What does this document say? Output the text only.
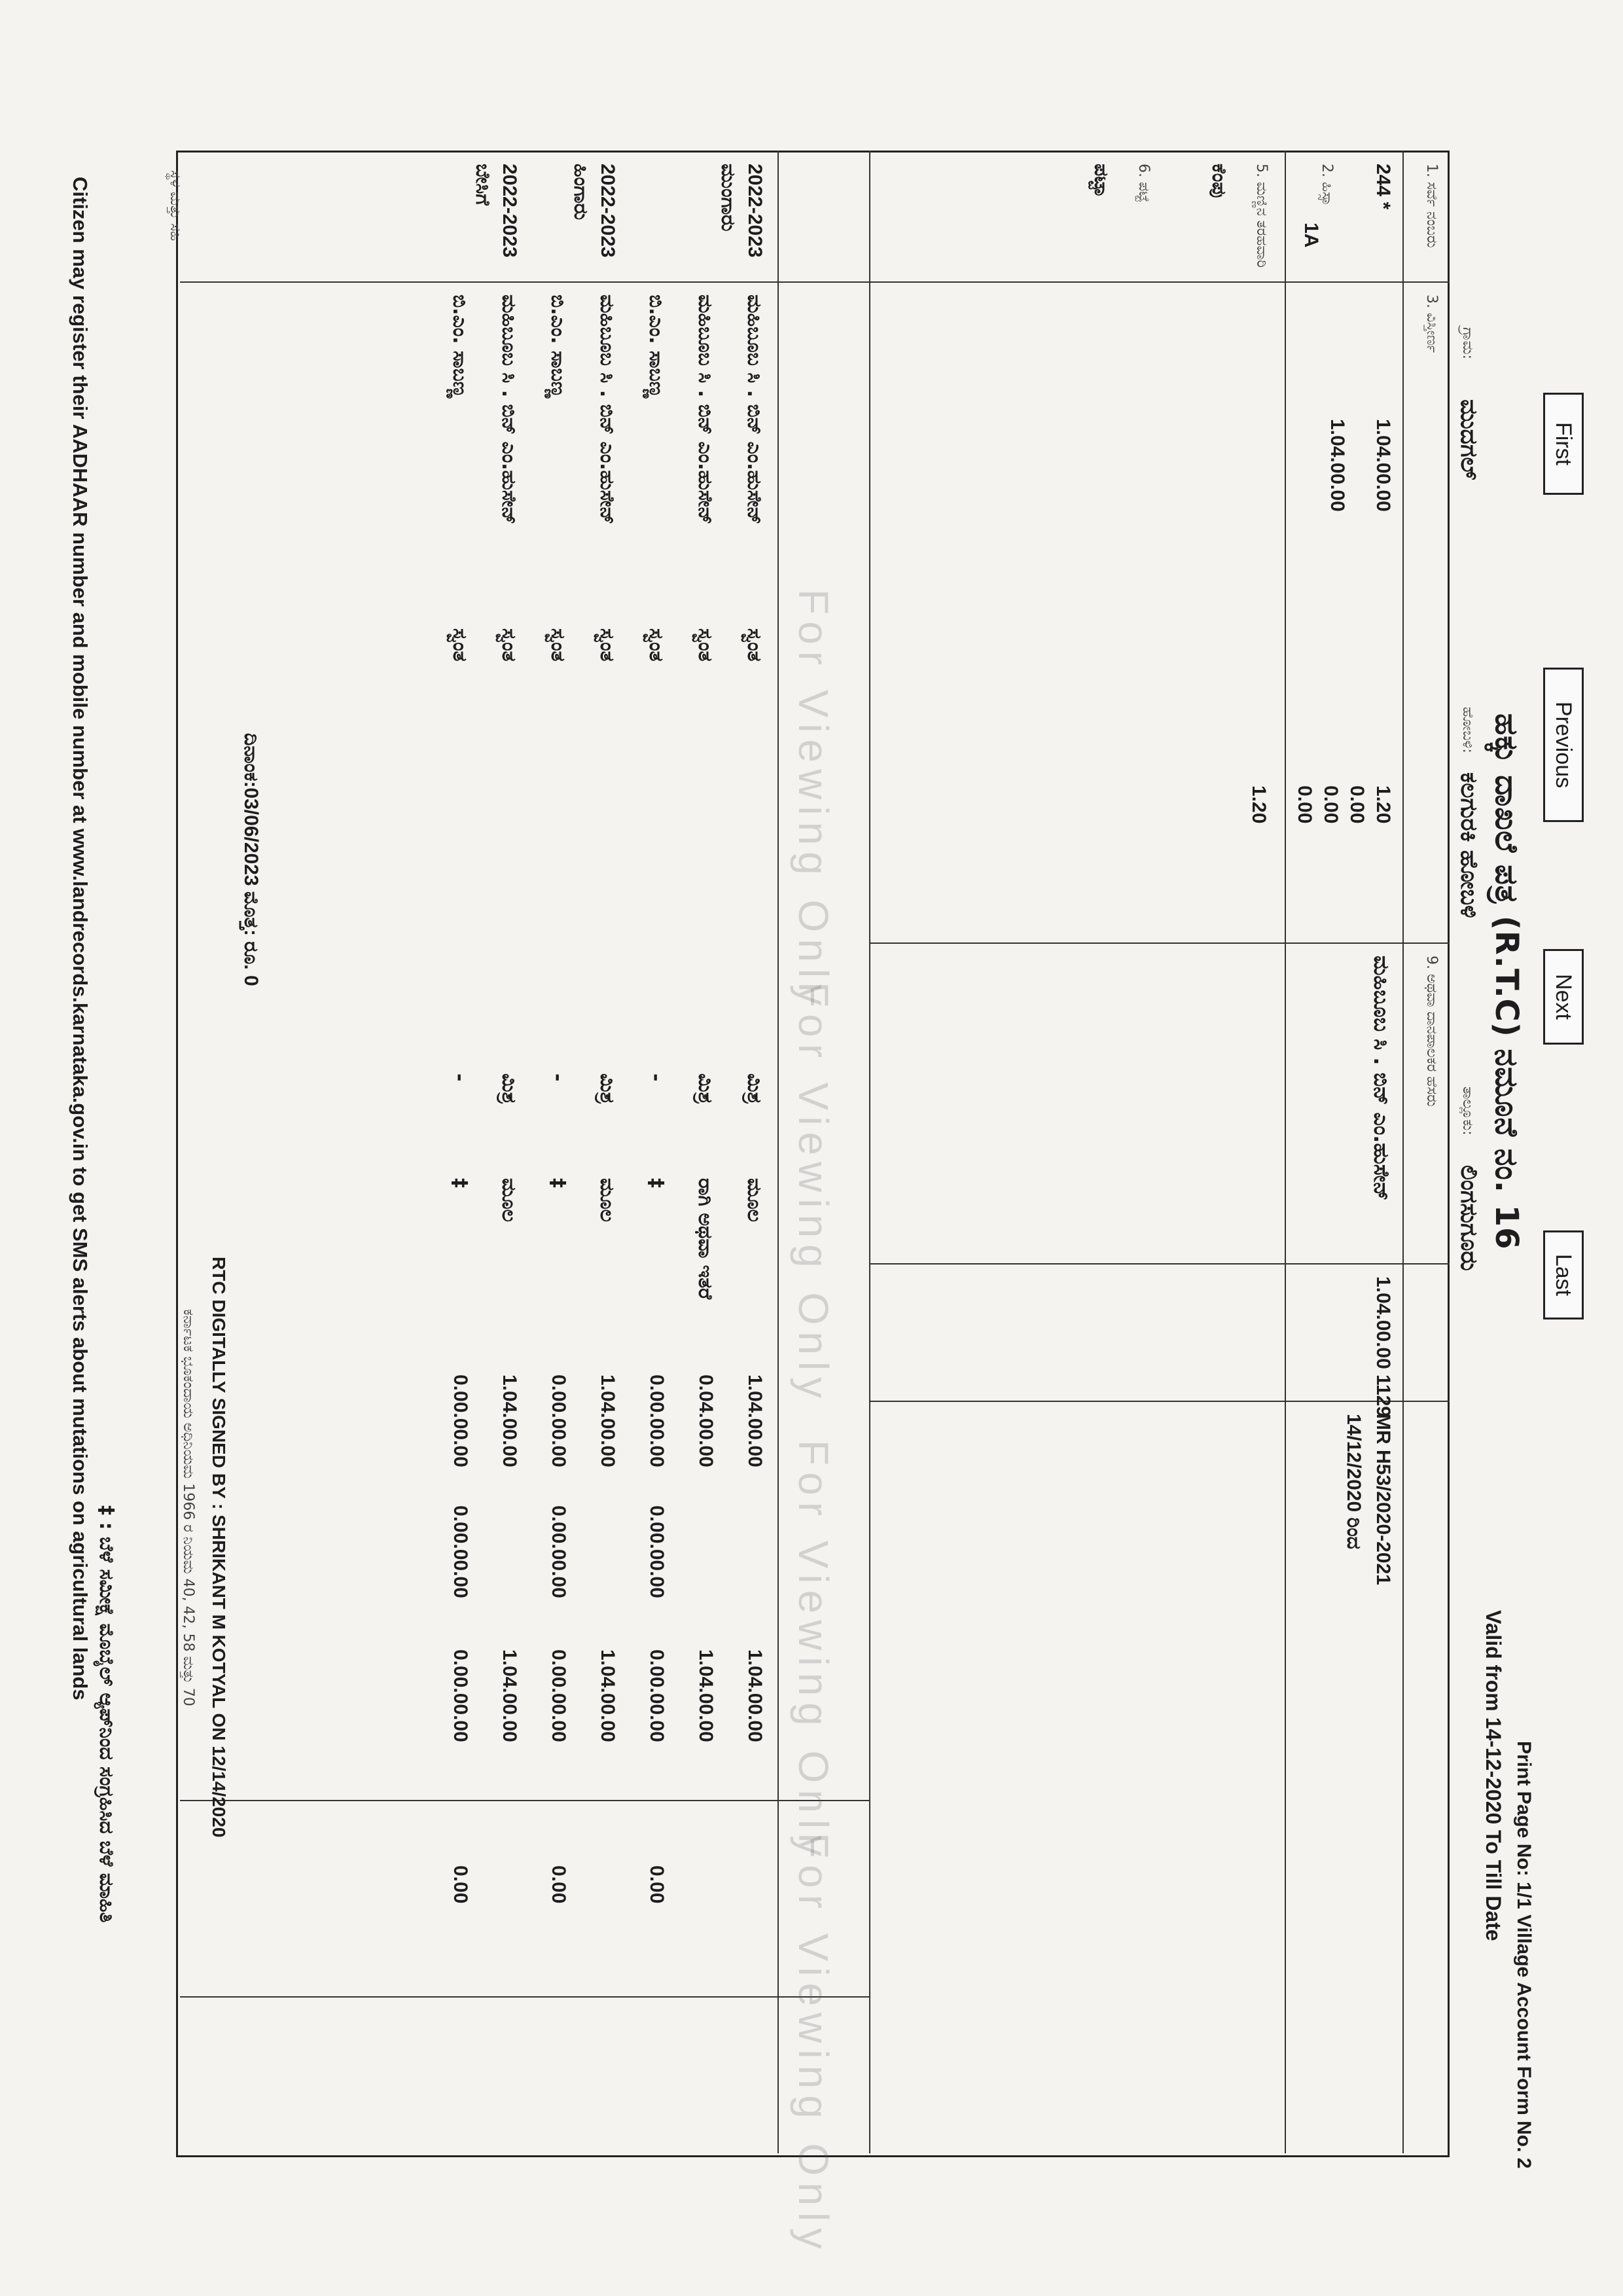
First
Previous
Next
Last
ಹಕ್ಕು ದಾಖಲೆ ಪತ್ರ (R.T.C) ನಮೂನೆ ನಂ. 16
Print Page No: 1/1 Village Account Form No. 2
Valid from 14-12-2020 To Till Date
ಹೋಬಳಿ:
ಕಲಗುರಕಿ ಹೋಬಳಿ
ತಾಲ್ಲೂಕು:
ಲಿಂಗಸುಗೂರು
ಗ್ರಾಮ:
ಮುದಗಲ್
1. ಸರ್ವೆ ನಂಬರು
244 *
2. ಹಿಸ್ಸಾ
1A
5. ಮಣ್ಣಿನ ತರಹವಾರಿ
ಕೆಂಪು
6. ಪಟ್ಟೆ
ಪಟ್ಟಾ
3. ವಿಸ್ತೀರ್ಣ
1.04.00.00
1.04.00.00
1.20
0.00
0.00
0.00
1.20
9. ಅಥವಾ ದಾನಪಾಲಕರ ಹೆಸರು
ಮಹಿಬೂಬ ಸಿ . ಬಿನ್ ಎಂ.ಹುಸೇನ್
1.04.00.00
1129
MR H53/2020-2021
14/12/2020 ರಿಂದ
2022-2023
ಮುಂಗಾರು
ಮಹಿಬೂಬ ಸಿ . ಬಿನ್ ಎಂ.ಹುಸೇನ್
ಸ್ವಂತ
ಮಿಶ್ರ
ಮೂಲ
1.04.00.00
1.04.00.00
ಮಹಿಬೂಬ ಸಿ . ಬಿನ್ ಎಂ.ಹುಸೇನ್
ಸ್ವಂತ
ಮಿಶ್ರ
ರಾಗಿ ಅಥವಾ ಇತರೆ
0.04.00.00
1.04.00.00
ಬಿ.ಎಂ. ಸಾಬಣ್ಣ
ಸ್ವಂತ
-
‡
0.00.00.00
0.00.00.00
0.00.00.00
0.00
2022-2023
ಹಿಂಗಾರು
ಮಹಿಬೂಬ ಸಿ . ಬಿನ್ ಎಂ.ಹುಸೇನ್
ಸ್ವಂತ
ಮಿಶ್ರ
ಮೂಲ
1.04.00.00
1.04.00.00
ಬಿ.ಎಂ. ಸಾಬಣ್ಣ
ಸ್ವಂತ
-
‡
0.00.00.00
0.00.00.00
0.00.00.00
0.00
2022-2023
ಬೇಸಿಗೆ
ಮಹಿಬೂಬ ಸಿ . ಬಿನ್ ಎಂ.ಹುಸೇನ್
ಸ್ವಂತ
ಮಿಶ್ರ
ಮೂಲ
1.04.00.00
1.04.00.00
ಬಿ.ಎಂ. ಸಾಬಣ್ಣ
ಸ್ವಂತ
-
‡
0.00.00.00
0.00.00.00
0.00.00.00
0.00
For Viewing Only
For Viewing Only
For Viewing Only
For Viewing Only
ದಿನಾಂಕ:03/06/2023 ಮೊತ್ತ: ರೂ. 0
RTC DIGITALLY SIGNED BY : SHRIKANT M KOTYAL ON 12/14/2020
ಕರ್ನಾಟಕ ಭೂಕಂದಾಯ ಅಧಿನಿಯಮ 1966 ರ ನಿಯಮ 40, 42, 58 ಮತ್ತು 70
ಸ್ಥಳ ಮತ್ತು ಸಹಿ
‡ : ಬೆಳೆ ಸಮೀಕ್ಷೆ ಮೊಬೈಲ್ ಆ್ಯಪ್‌ನಿಂದ ಸಂಗ್ರಹಿಸಿದ ಬೆಳೆ ಮಾಹಿತಿ
Citizen may register their AADHAAR number and mobile number at www.landrecords.karnataka.gov.in to get SMS alerts about mutations on agricultural lands
